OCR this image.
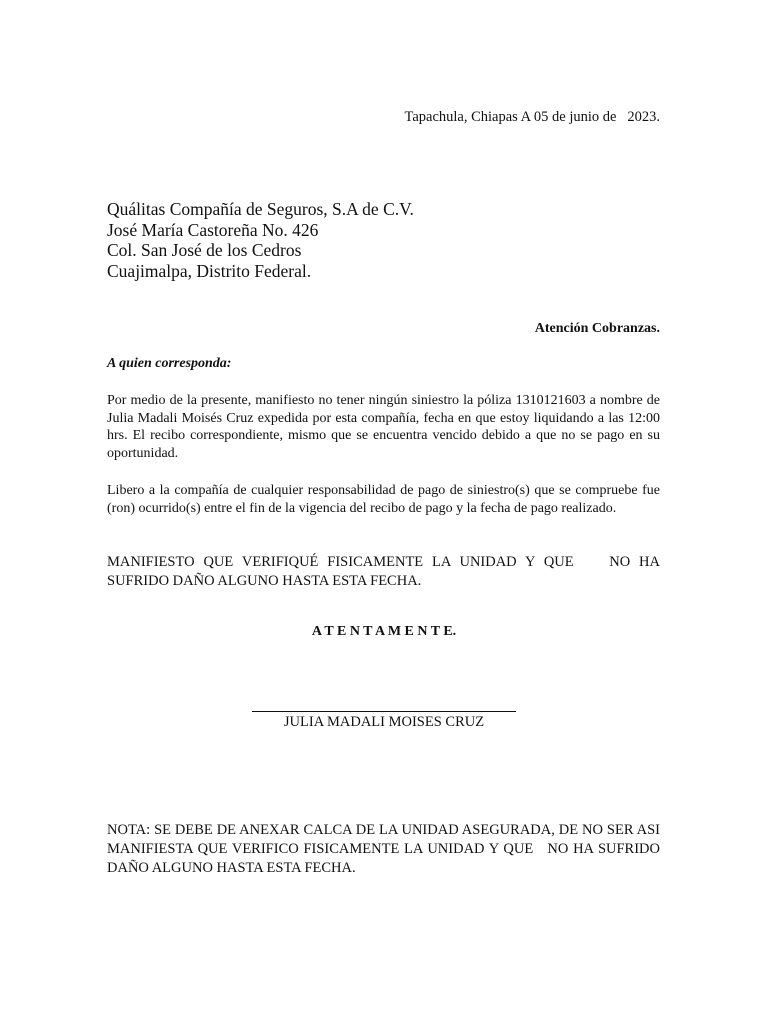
Tapachula, Chiapas A 05 de junio de   2023.
Quálitas Compañía de Seguros, S.A de C.V.
José María Castoreña No. 426
Col. San José de los Cedros
Cuajimalpa, Distrito Federal.
Atención Cobranzas.
A quien corresponda:
Por medio de la presente, manifiesto no tener ningún siniestro la póliza 1310121603 a nombre de Julia Madali Moisés Cruz expedida por esta compañía, fecha en que estoy liquidando a las 12:00 hrs. El recibo correspondiente, mismo que se encuentra vencido debido a que no se pago en su oportunidad.
Libero a la compañía de cualquier responsabilidad de pago de siniestro(s) que se compruebe fue (ron) ocurrido(s) entre el fin de la vigencia del recibo de pago y la fecha de pago realizado.
MANIFIESTO QUE VERIFIQUÉ FISICAMENTE LA UNIDAD Y QUE    NO HA SUFRIDO DAÑO ALGUNO HASTA ESTA FECHA.
A T E N T A M E N T E.
JULIA MADALI MOISES CRUZ
NOTA: SE DEBE DE ANEXAR CALCA DE LA UNIDAD ASEGURADA, DE NO SER ASI   MANIFIESTA QUE VERIFICO FISICAMENTE LA UNIDAD Y QUE   NO HA SUFRIDO DAÑO ALGUNO HASTA ESTA FECHA.
